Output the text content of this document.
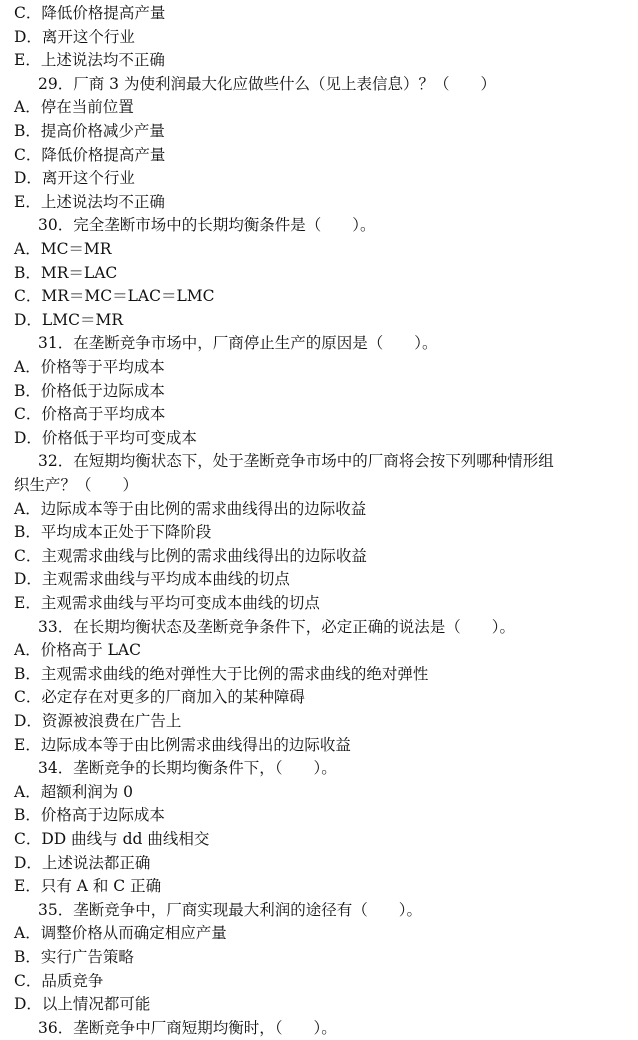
C．降低价格提高产量
D．离开这个行业
E．上述说法均不正确
29．厂商 3 为使利润最大化应做些什么（见上表信息）？（　　）
A．停在当前位置
B．提高价格减少产量
C．降低价格提高产量
D．离开这个行业
E．上述说法均不正确
30．完全垄断市场中的长期均衡条件是（　　）。
A．MC＝MR
B．MR＝LAC
C．MR＝MC＝LAC＝LMC
D．LMC＝MR
31．在垄断竞争市场中，厂商停止生产的原因是（　　）。
A．价格等于平均成本
B．价格低于边际成本
C．价格高于平均成本
D．价格低于平均可变成本
32．在短期均衡状态下，处于垄断竞争市场中的厂商将会按下列哪种情形组
织生产？（　　）
A．边际成本等于由比例的需求曲线得出的边际收益
B．平均成本正处于下降阶段
C．主观需求曲线与比例的需求曲线得出的边际收益
D．主观需求曲线与平均成本曲线的切点
E．主观需求曲线与平均可变成本曲线的切点
33．在长期均衡状态及垄断竞争条件下，必定正确的说法是（　　）。
A．价格高于 LAC
B．主观需求曲线的绝对弹性大于比例的需求曲线的绝对弹性
C．必定存在对更多的厂商加入的某种障碍
D．资源被浪费在广告上
E．边际成本等于由比例需求曲线得出的边际收益
34．垄断竞争的长期均衡条件下，（　　）。
A．超额利润为 0
B．价格高于边际成本
C．DD 曲线与 dd 曲线相交
D．上述说法都正确
E．只有 A 和 C 正确
35．垄断竞争中，厂商实现最大利润的途径有（　　）。
A．调整价格从而确定相应产量
B．实行广告策略
C．品质竞争
D．以上情况都可能
36．垄断竞争中厂商短期均衡时，（　　）。
